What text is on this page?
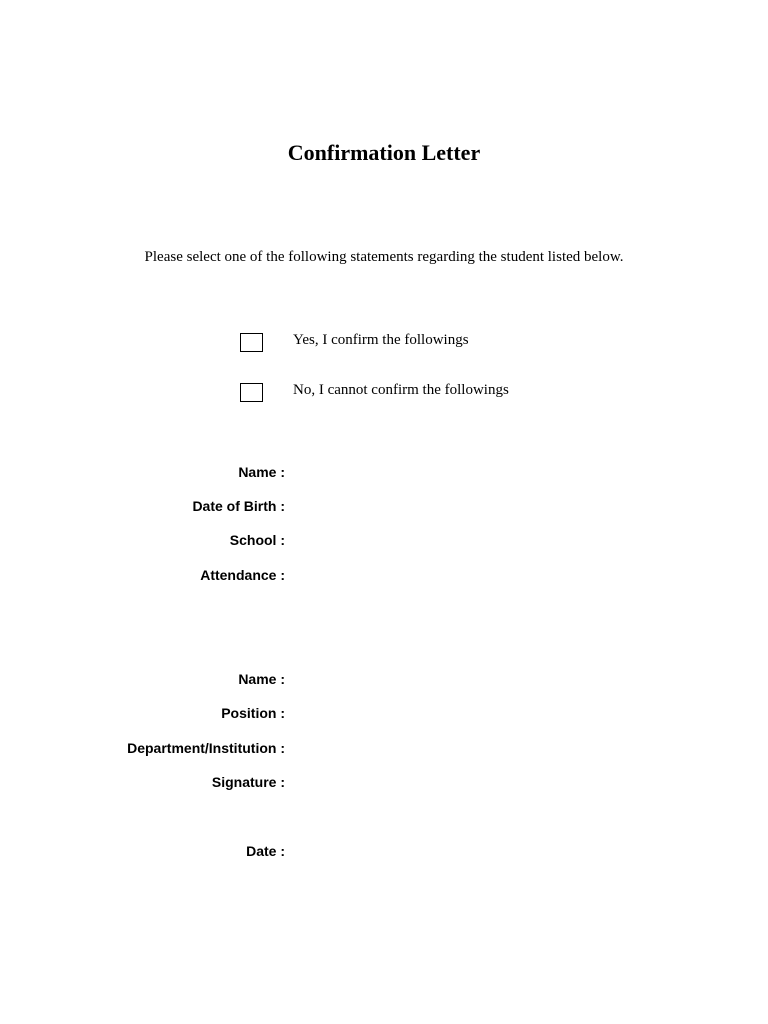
Confirmation Letter
Please select one of the following statements regarding the student listed below.
Yes, I confirm the followings
No, I cannot confirm the followings
Name :
Date of Birth :
School :
Attendance :
Name :
Position :
Department/Institution :
Signature :
Date :
